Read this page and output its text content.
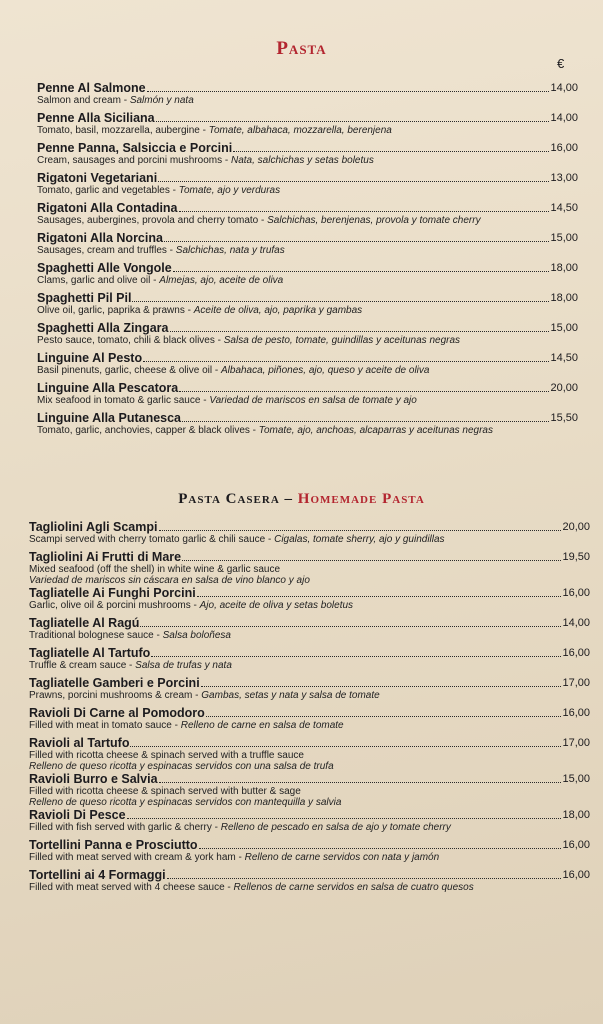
Pasta
€
Penne Al Salmone	14,00
Salmon and cream - Salmón y nata
Penne Alla Siciliana	14,00
Tomato, basil, mozzarella, aubergine - Tomate, albahaca, mozzarella, berenjena
Penne Panna, Salsiccia e Porcini	16,00
Cream, sausages and porcini mushrooms - Nata, salchichas y setas boletus
Rigatoni Vegetariani	13,00
Tomato, garlic and vegetables - Tomate, ajo y verduras
Rigatoni Alla Contadina	14,50
Sausages, aubergines, provola and cherry tomato - Salchichas, berenjenas, provola y tomate cherry
Rigatoni Alla Norcina	15,00
Sausages, cream and truffles - Salchichas, nata y trufas
Spaghetti Alle Vongole	18,00
Clams, garlic and olive oil - Almejas, ajo, aceite de oliva
Spaghetti Pil Pil	18,00
Olive oil, garlic, paprika & prawns - Aceite de oliva, ajo, paprika y gambas
Spaghetti Alla Zingara	15,00
Pesto sauce, tomato, chili & black olives - Salsa de pesto, tomate, guindillas y aceitunas negras
Linguine Al Pesto	14,50
Basil pinenuts, garlic, cheese & olive oil - Albahaca, piñones, ajo, queso y aceite de oliva
Linguine Alla Pescatora	20,00
Mix seafood in tomato & garlic sauce - Variedad de mariscos en salsa de tomate y ajo
Linguine Alla Putanesca	15,50
Tomato, garlic, anchovies, capper & black olives - Tomate, ajo, anchoas, alcaparras y aceitunas negras
Pasta Casera – Homemade Pasta
Tagliolini Agli Scampi	20,00
Scampi served with cherry tomato garlic & chili sauce - Cigalas, tomate sherry, ajo y guindillas
Tagliolini Ai Frutti di Mare	19,50
Mixed seafood (off the shell) in white wine & garlic sauce
Variedad de mariscos sin cáscara en salsa de vino blanco y ajo
Tagliatelle Ai Funghi Porcini	16,00
Garlic, olive oil & porcini mushrooms - Ajo, aceite de oliva y setas boletus
Tagliatelle Al Ragú	14,00
Traditional bolognese sauce - Salsa boloñesa
Tagliatelle Al Tartufo	16,00
Truffle & cream sauce - Salsa de trufas y nata
Tagliatelle Gamberi e Porcini	17,00
Prawns, porcini mushrooms & cream - Gambas, setas y nata y salsa de tomate
Ravioli Di Carne al Pomodoro	16,00
Filled with meat in tomato sauce - Relleno de carne en salsa de tomate
Ravioli al Tartufo	17,00
Filled with ricotta cheese & spinach served with a truffle sauce
Relleno de queso ricotta y espinacas servidos con una salsa de trufa
Ravioli Burro e Salvia	15,00
Filled with ricotta cheese & spinach served with butter & sage
Relleno de queso ricotta y espinacas servidos con mantequilla y salvia
Ravioli Di Pesce	18,00
Filled with fish served with garlic & cherry - Relleno de pescado en salsa de ajo y tomate cherry
Tortellini Panna e Prosciutto	16,00
Filled with meat served with cream & york ham - Relleno de carne servidos con nata y jamón
Tortellini ai 4 Formaggi	16,00
Filled with meat served with 4 cheese sauce - Rellenos de carne servidos en salsa de cuatro quesos
